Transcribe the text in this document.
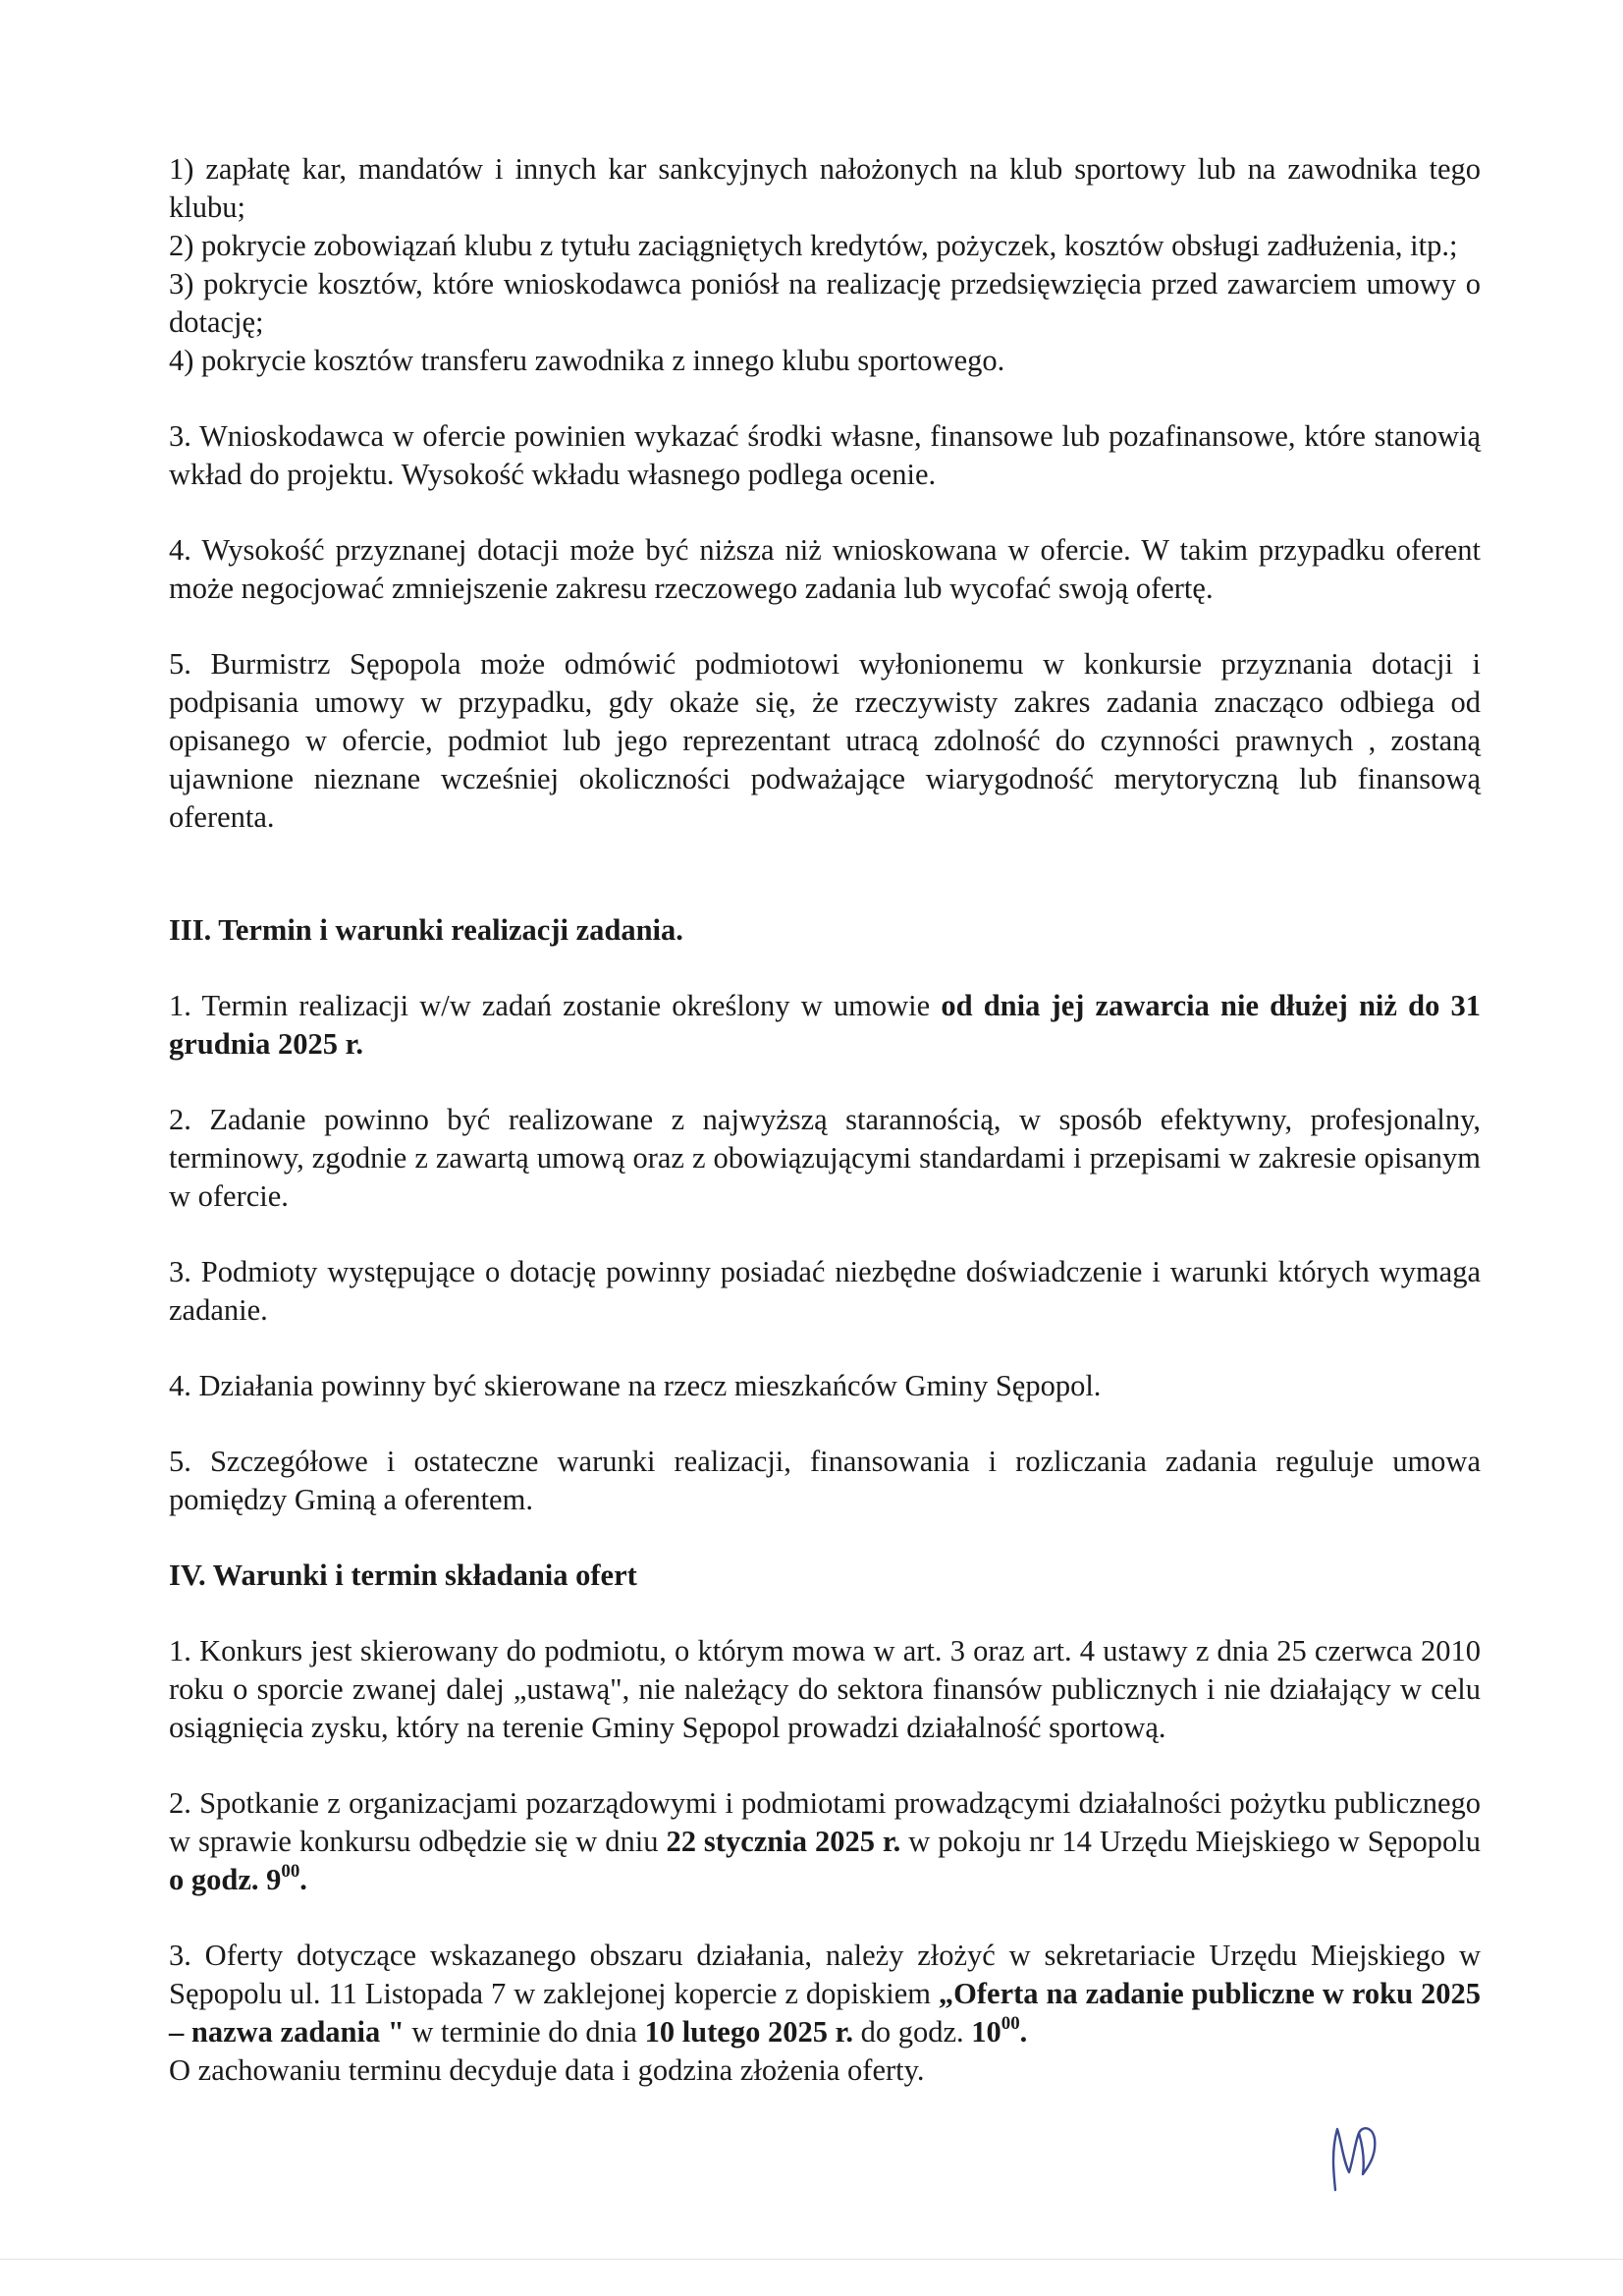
1) zapłatę kar, mandatów i innych kar sankcyjnych nałożonych na klub sportowy lub na zawodnika tego klubu;

2) pokrycie zobowiązań klubu z tytułu zaciągniętych kredytów, pożyczek, kosztów obsługi zadłużenia, itp.;

3) pokrycie kosztów, które wnioskodawca poniósł na realizację przedsięwzięcia przed zawarciem umowy o dotację;

4) pokrycie kosztów transferu zawodnika z innego klubu sportowego.

3. Wnioskodawca w ofercie powinien wykazać środki własne, finansowe lub pozafinansowe, które stanowią wkład do projektu. Wysokość wkładu własnego podlega ocenie.

4. Wysokość przyznanej dotacji może być niższa niż wnioskowana w ofercie. W takim przypadku oferent może negocjować zmniejszenie zakresu rzeczowego zadania lub wycofać swoją ofertę.

5. Burmistrz Sępopola może odmówić podmiotowi wyłonionemu w konkursie przyznania dotacji i podpisania umowy w przypadku, gdy okaże się, że rzeczywisty zakres zadania znacząco odbiega od opisanego w ofercie, podmiot lub jego reprezentant utracą zdolność do czynności prawnych , zostaną ujawnione nieznane wcześniej okoliczności podważające wiarygodność merytoryczną lub finansową oferenta.

III. Termin i warunki realizacji zadania.

1. Termin realizacji w/w zadań zostanie określony w umowie od dnia jej zawarcia nie dłużej niż do 31 grudnia 2025 r.

2. Zadanie powinno być realizowane z najwyższą starannością, w sposób efektywny, profesjonalny, terminowy, zgodnie z zawartą umową oraz z obowiązującymi standardami i przepisami w zakresie opisanym w ofercie.

3. Podmioty występujące o dotację powinny posiadać niezbędne doświadczenie i warunki których wymaga zadanie.

4. Działania powinny być skierowane na rzecz mieszkańców Gminy Sępopol.

5. Szczegółowe i ostateczne warunki realizacji, finansowania i rozliczania zadania reguluje umowa pomiędzy Gminą a oferentem.

IV. Warunki i termin składania ofert

1. Konkurs jest skierowany do podmiotu, o którym mowa w art. 3 oraz art. 4 ustawy z dnia 25 czerwca 2010 roku o sporcie zwanej dalej „ustawą", nie należący do sektora finansów publicznych i nie działający w celu osiągnięcia zysku, który na terenie Gminy Sępopol prowadzi działalność sportową.

2. Spotkanie z organizacjami pozarządowymi i podmiotami prowadzącymi działalności pożytku publicznego w sprawie konkursu odbędzie się w dniu 22 stycznia 2025 r. w pokoju nr 14 Urzędu Miejskiego w Sępopolu o godz. $9^{00}$.

3. Oferty dotyczące wskazanego obszaru działania, należy złożyć w sekretariacie Urzędu Miejskiego w Sępopolu ul. 11 Listopada 7 w zaklejonej kopercie z dopiskiem „Oferta na zadanie publiczne w roku 2025 – nazwa zadania " w terminie do dnia 10 lutego 2025 r. do godz. $10^{00}$.

O zachowaniu terminu decyduje data i godzina złożenia oferty.
